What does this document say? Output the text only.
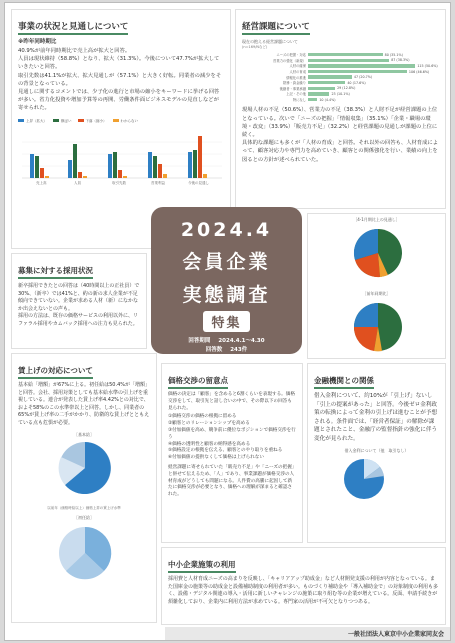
事業の状況と見通しについて
※昨年同時期比

40.9%が前年同時期比で売上高が拡大と回答。

人員は現状維持（58.8%）となり、拡大（31.3%）。今後について47.7%が拡大していきたいと回答。

取引先数は41.1%が拡大、拡大見通しが（57.1%）と大きく好転。同業者の減少をその背景となっている。

見通しに関するコメントでは、少子化の進行と市場の縮小をキーワードに挙げる回答が多い。省力化投資や増加予算等の再開、労働条件面ビジネスモデルの見直しなどが寄せられた。

上昇（拡大）	横ばい	下落（縮小）	わからない
売上高	人員	取引先数	営業利益	今後の見通し
経営課題について
現在の抱える経営課題について
(n=169/Nなど)
ニーズの把握・対応	80 (35.1%)
営業力の強化（新規）	87 (38.3%)
人材の確保	115 (50.6%)
人材の育成	106 (46.6%)
情報化の推進	47 (20.7%)
財務・資金繰り	40 (17.6%)
後継者・事業承継	29 (12.8%)
上記・その他	23 (10.1%)
特になし	10 (4.4%)

現場人材の不足（50.6%）、営業力の不足（38.3%）と人財不足が経営課題の上位となっている。次いで「ニーズの把握」「情報収集」（35.1%）「企業・職場の環境・改変」（33.9%）「販売力不足」（32.2%）と経営課題の見通しが課題の上位に続く。

具体的な課題にも多くが「人材の育成」と回答。それ以外の回答も、人材育成によって、顧客対応力や専門力を高めていき、顧客との関係強化を行い、業績の向上を図るとの方針が述べられていた。

募集に対する採用状況

新卒採用できたとの回答は（40時間以上の正社員）で30%、（新卒）では41%と、約の新の求人企業が不足傾向できていない。企業が求める人材（新）になかなか出会えないとの声も。

採用の方法は、既存の価格サービスの利用以外に、リファラル採用やカムバック採用への注力も見られた。

2024.4
会員企業
実態調査
特集
回答期間 2024.4.1～4.30
回答数 243件
［4-1月期比上の見通し］
［前年同期比］
賃上げの対応について
基本給「増額」が67%に上る。初任給は50.4%が「増額」と回答。会社、採用対策としても基本給水準の引上げを重視している。連合が発表した賃上げ率4.42%との対比で、およそ58%のこの水準帯以上と回答。しかし、同業者の65%が賃上げ率の二手がかかり、防衛的な賃上げとともえている点も危惧が必要。
［基本給］
以前年（価格時給以上）価格上昇の賃上げ水準
［初任給］
価格交渉の留意点
価格の決定は「顧客」を含めると6割くらいを表現する。価格交渉をして、取引先と話し合いの中で、その際以下の回答も見られた。

①価格交渉の価格の根拠に留める

②顧客とのリレーションシップを高める

③付加価値を高め、競争前に優位なポジションで価格交渉を行う

④価格の透明性と顧客の納得感を高める

⑤価格設定の根拠を伝える、顧客とのやり取りを重ねる

⑥付加価値の提供なくして価格は上げられない

経営課題に寄せられていた「販売力不足」や「ニーズの把握」と併せて伝えるため、「人」であり、事業課題が価格交渉の人材育成がどうしても問題になる。人件費の高騰に起因して新たに価格交渉が必要となり、価格への理解が深まると確認された。
金融機関との関係
借入金利について、約10%が「引上げ」ないし「引上の提案があった」と回答。今後ゼロ金利政策の転換によって金利の引上げは進むことが予想される。条件面では、「経営者保証」の解除が課題とされたこと、金融庁の監督指針の強化に伴う変化が見られた。
借入金利について（他　取引なし）
中小企業施策の利用
採用費と人材育成ニーズの高まりを反映し、「キャリアアップ助成金」など人材開発支援の利用が内容となっている。また国庫金の施策等の助成金と設備補助制度の利用者が多い。ものづくり補助金や「導入補助金で」の対象制度の利用も多く、設備・デジタル関連の導入・活用に新しいチャレンジの施策に取り組む等の企業が増えている。反面、申請手続きが煩雑化しており、企業内に利用方法が求めている。専門家の活用が不可欠となりつつある。
一般社団法人東京中小企業家同友会
